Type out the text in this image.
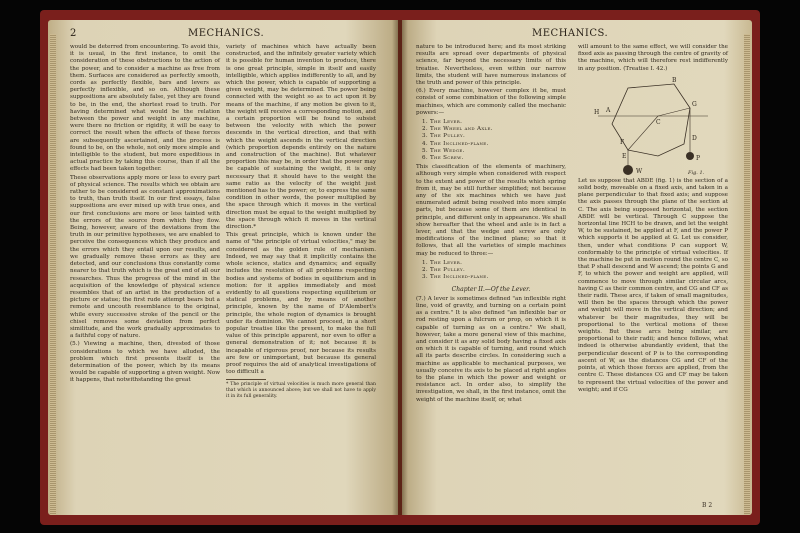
2	MECHANICS.

would be deterred from encountering. To avoid this, it is usual, in the first instance, to omit the consideration of these obstructions to the action of the power, and to consider a machine as free from them. Surfaces are considered as perfectly smooth, cords as perfectly flexible, bars and levers as perfectly inflexible, and so on. Although these suppositions are absolutely false, yet they are found to be, in the end, the shortest road to truth. For having determined what would be the relation between the power and weight in any machine, were there no friction or rigidity, it will be easy to correct the result when the effects of these forces are subsequently ascertained, and the process is found to be, on the whole, not only more simple and intelligible to the student, but more expeditious in actual practice by taking this course, than if all the effects had been taken together.

These observations apply more or less to every part of physical science. The results which we obtain are rather to be considered as constant approximations to truth, than truth itself. In our first essays, false suppositions are ever mixed up with true ones, and our first conclusions are more or less tainted with the errors of the source from which they flow. Being, however, aware of the deviations from the truth in our primitive hypotheses, we are enabled to perceive the consequences which they produce and the errors which they entail upon our results, and we gradually remove these errors as they are detected, and our conclusions thus constantly come nearer to that truth which is the great end of all our researches. Thus the progress of the mind in the acquisition of the knowledge of physical science resembles that of an artist in the production of a picture or statue; the first rude attempt bears but a remote and uncouth resemblance to the original, while every successive stroke of the pencil or the chisel removes some deviation from perfect similitude, and the work gradually approximates to a faithful copy of nature.

(5.) Viewing a machine, then, divested of those considerations to which we have alluded, the problem which first presents itself is the determination of the power, which by its means would be capable of supporting a given weight. Now it happens, that notwithstanding the great

variety of machines which have actually been constructed, and the infinitely greater variety which it is possible for human invention to produce, there is one great principle, simple in itself and easily intelligible, which applies indifferently to all, and by which the power, which is capable of supporting a given weight, may be determined. The power being connected with the weight so as to act upon it by means of the machine, if any motion be given to it, the weight will receive a corresponding motion, and a certain proportion will be found to subsist between the velocity with which the power descends in the vertical direction, and that with which the weight ascends in the vertical direction (which proportion depends entirely on the nature and construction of the machine). But whatever proportion this may be, in order that the power may be capable of sustaining the weight, it is only necessary that it should have to the weight the same ratio as the velocity of the weight just mentioned has to the power; or, to express the same condition in other words, the power multiplied by the space through which it moves in the vertical direction must be equal to the weight multiplied by the space through which it moves in the vertical direction.*

This great principle, which is known under the name of "the principle of virtual velocities," may be considered as the golden rule of mechanism. Indeed, we may say that it implicitly contains the whole science, statics and dynamics; and equally includes the resolution of all problems respecting bodies and systems of bodies in equilibrium and in motion: for it applies immediately and most evidently to all questions respecting equilibrium or statical problems, and by means of another principle, known by the name of D'Alembert's principle, the whole region of dynamics is brought under its dominion. We cannot proceed, in a short popular treatise like the present, to make the full value of this principle apparent, nor even to offer a general demonstration of it; not because it is incapable of rigorous proof, nor because its results are few or unimportant, but because its general proof requires the aid of analytical investigations of too difficult a

* The principle of virtual velocities is much more general than that which is announced above; but we shall not have to apply it in its full generality.

MECHANICS.

nature to be introduced here; and its most striking results are spread over departments of physical science, far beyond the necessary limits of this treatise. Nevertheless, even within our narrow limits, the student will have numerous instances of the truth and power of this principle.

(6.) Every machine, however complex it be, must consist of some combination of the following simple machines, which are commonly called the mechanic powers:—

1. The Lever.
2. The Wheel and Axle.
3. The Pulley.
4. The Inclined-plane.
5. The Wedge.
6. The Screw.

This classification of the elements of machinery, although very simple when considered with respect to the extent and power of the results which spring from it, may be still further simplified; not because any of the six machines which we have just enumerated admit being resolved into more simple parts, but because some of them are identical in principle, and different only in appearance. We shall show hereafter that the wheel and axle is in fact a lever, and that the wedge and screw are only modifications of the inclined plane; so that it follows, that all the varieties of simple machines may be reduced to three:—

1. The Lever.
2. The Pulley.
3. The Inclined-plane.
Chapter II.—Of the Lever.

(7.) A lever is sometimes defined "an inflexible right line, void of gravity, and turning on a certain point as a centre." It is also defined "an inflexible bar or rod resting upon a fulcrum or prop, on which it is capable of turning as on a centre." We shall, however, take a more general view of this machine, and consider it as any solid body having a fixed axis on which it is capable of turning, and round which all its parts describe circles. In considering such a machine as applicable to mechanical purposes, we usually conceive its axis to be placed at right angles to the plane in which the power and weight or resistance act. In order also, to simplify the investigation, we shall, in the first instance, omit the weight of the machine itself, or, what

will amount to the same effect, we will consider the fixed axis as passing through the centre of gravity of the machine, which will therefore rest indifferently in any position. (Treatise I. 42.)

A
B
D
E
F
G
C
H
P
W	Fig. 1.

Let us suppose that ABDE (fig. 1) is the section of a solid body, moveable on a fixed axis, and taken in a plane perpendicular to that fixed axis; and suppose the axis passes through the plane of the section at C. The axis being supposed horizontal, the section ABDE will be vertical. Through C suppose the horizontal line HCH to be drawn, and let the weight W, to be sustained, be applied at F, and the power P which supports it be applied at G. Let us consider, then, under what conditions P can support W, conformably to the principle of virtual velocities. If the machine be put in motion round the centre C, so that P shall descend and W ascend; the points G and F, to which the power and weight are applied, will commence to move through similar circular arcs, having C as their common centre, and CG and CF as their radii. These arcs, if taken of small magnitudes, will then be the spaces through which the power and weight will move in the vertical direction; and whatever be their magnitudes, they will be proportional to the vertical motions of these weights. But these arcs being similar, are proportional to their radii; and hence follows, what indeed is otherwise abundantly evident, that the perpendicular descent of P is to the corresponding ascent of W, as the distances CG and CF of the points, at which those forces are applied, from the centre C. These distances CG and CF may be taken to represent the virtual velocities of the power and weight; and if CG

B 2
